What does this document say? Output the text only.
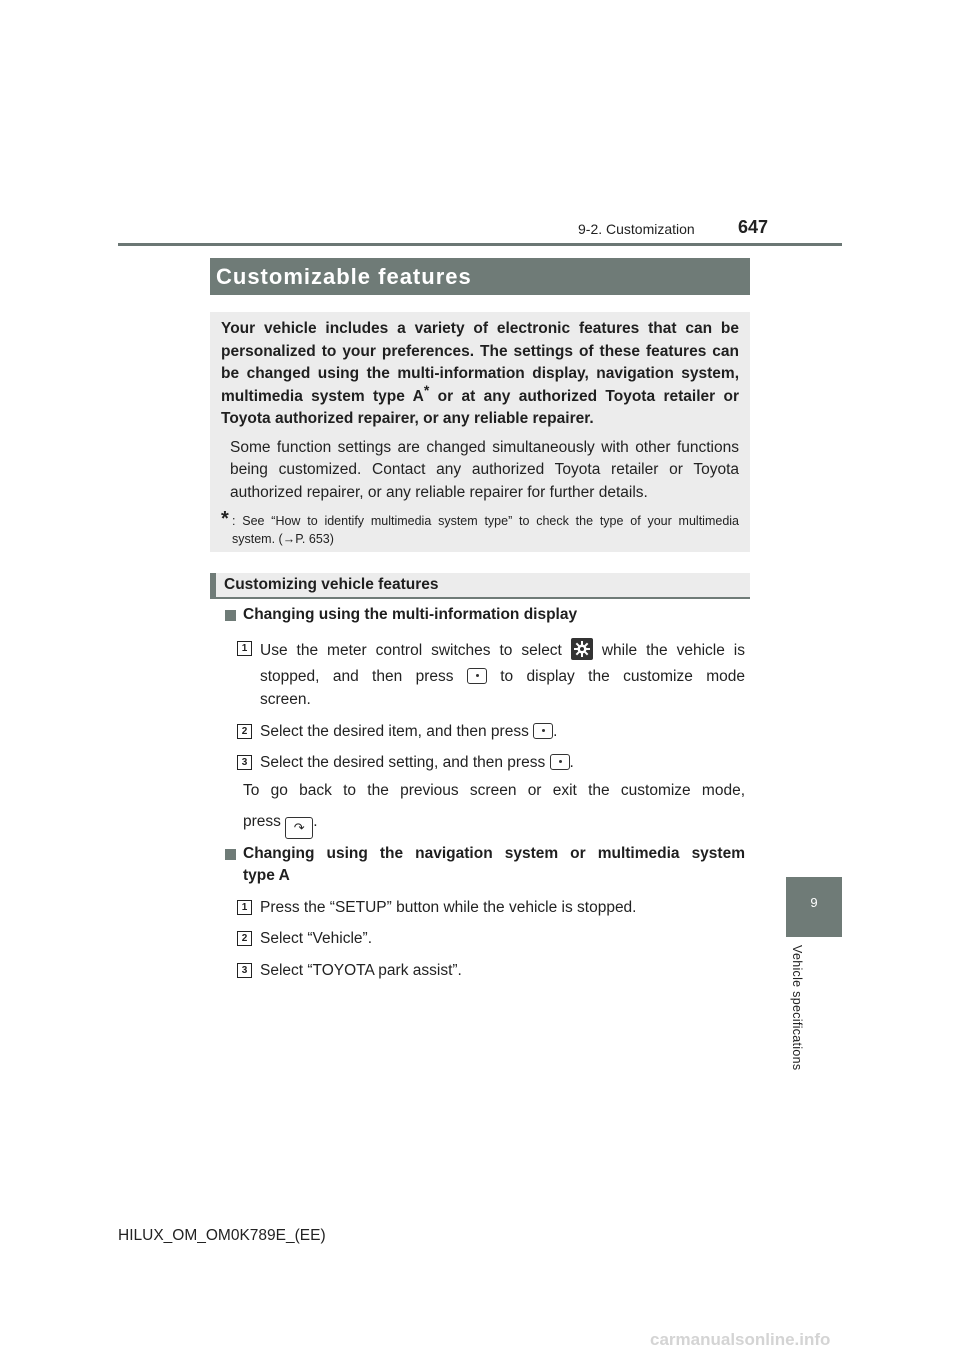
9-2. Customization 647
Customizable features
Your vehicle includes a variety of electronic features that can be personalized to your preferences. The settings of these features can be changed using the multi-information display, navigation system, multimedia system type A* or at any authorized Toyota retailer or Toyota authorized repairer, or any reliable repairer.
Some function settings are changed simultaneously with other functions being customized. Contact any authorized Toyota retailer or Toyota authorized repairer, or any reliable repairer for further details.
* : See “How to identify multimedia system type” to check the type of your multimedia system. (→P. 653)
Customizing vehicle features
Changing using the multi-information display
1 Use the meter control switches to select	while the vehicle is
stopped, and then press	to display the customize mode
screen.
2 Select the desired item, and then press .
3 Select the desired setting, and then press .
To go back to the previous screen or exit the customize mode,
press ↷ .
Changing using the navigation system or multimedia system
type A
1 Press the “SETUP” button while the vehicle is stopped.
2 Select “Vehicle”.
3 Select “TOYOTA park assist”.
9
Vehicle specifications
HILUX_OM_OM0K789E_(EE)
carmanualsonline.info
